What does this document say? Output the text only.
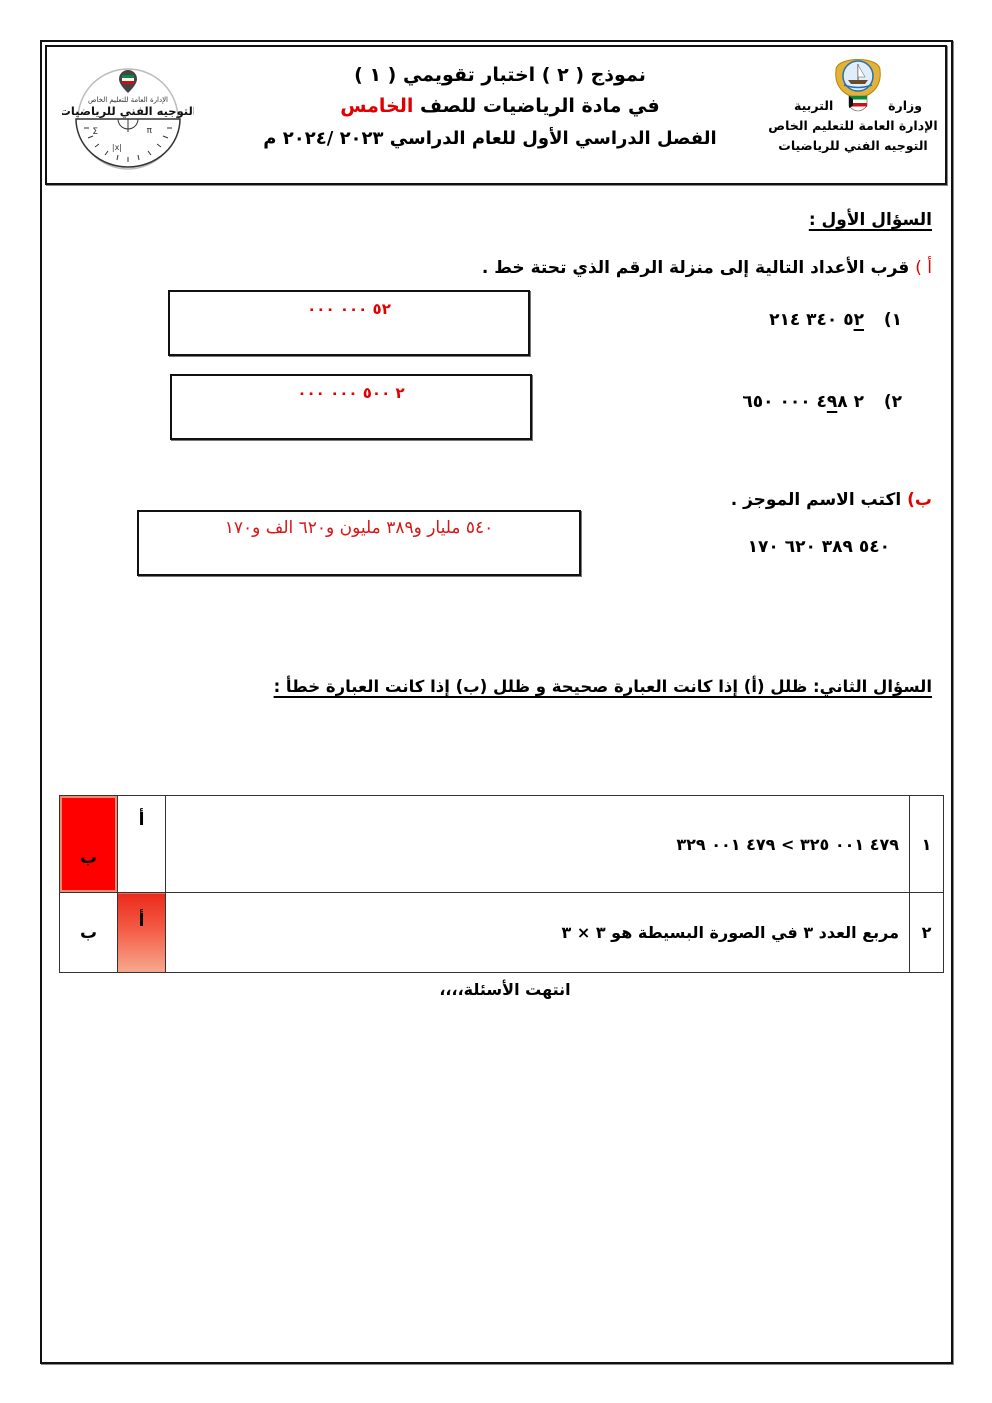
الإدارة العامة للتعليم الخاص
التوجيه الفني للرياضيات
Σ	π
|x|
وزارة
التربية
الإدارة العامة للتعليم الخاص
التوجيه الفني للرياضيات
نموذج ( ٢ ) اختبار تقويمي ( ١ )
في مادة الرياضيات للصف الخامس
الفصل الدراسي الأول للعام الدراسي ٢٠٢٣ /٢٠٢٤ م
السؤال الأول :
أ ) قرب الأعداد التالية إلى منزلة الرقم الذي تحتة خط .
١)  ٥٢ ٣٤٠ ٢١٤
٥٢ ٠٠٠ ٠٠٠
٢)  ٢ ٤٩٨ ٠٠٠ ٦٥٠
٢ ٥٠٠ ٠٠٠ ٠٠٠
ب) اكتب الاسم الموجز .
٥٤٠ ٣٨٩ ٦٢٠ ١٧٠
٥٤٠ مليار و٣٨٩ مليون و٦٢٠ الف و١٧٠
السؤال الثاني: ظلل (أ) إذا كانت العبارة صحيحة و ظلل (ب) إذا كانت العبارة خطأ :
١	٤٧٩ ٠٠١ ٣٢٥ > ٤٧٩ ٠٠١ ٣٢٩	أ	ب
٢	مربع العدد ٣ في الصورة البسيطة هو ٣ × ٣	أ	ب
انتهت الأسئلة،،،،
